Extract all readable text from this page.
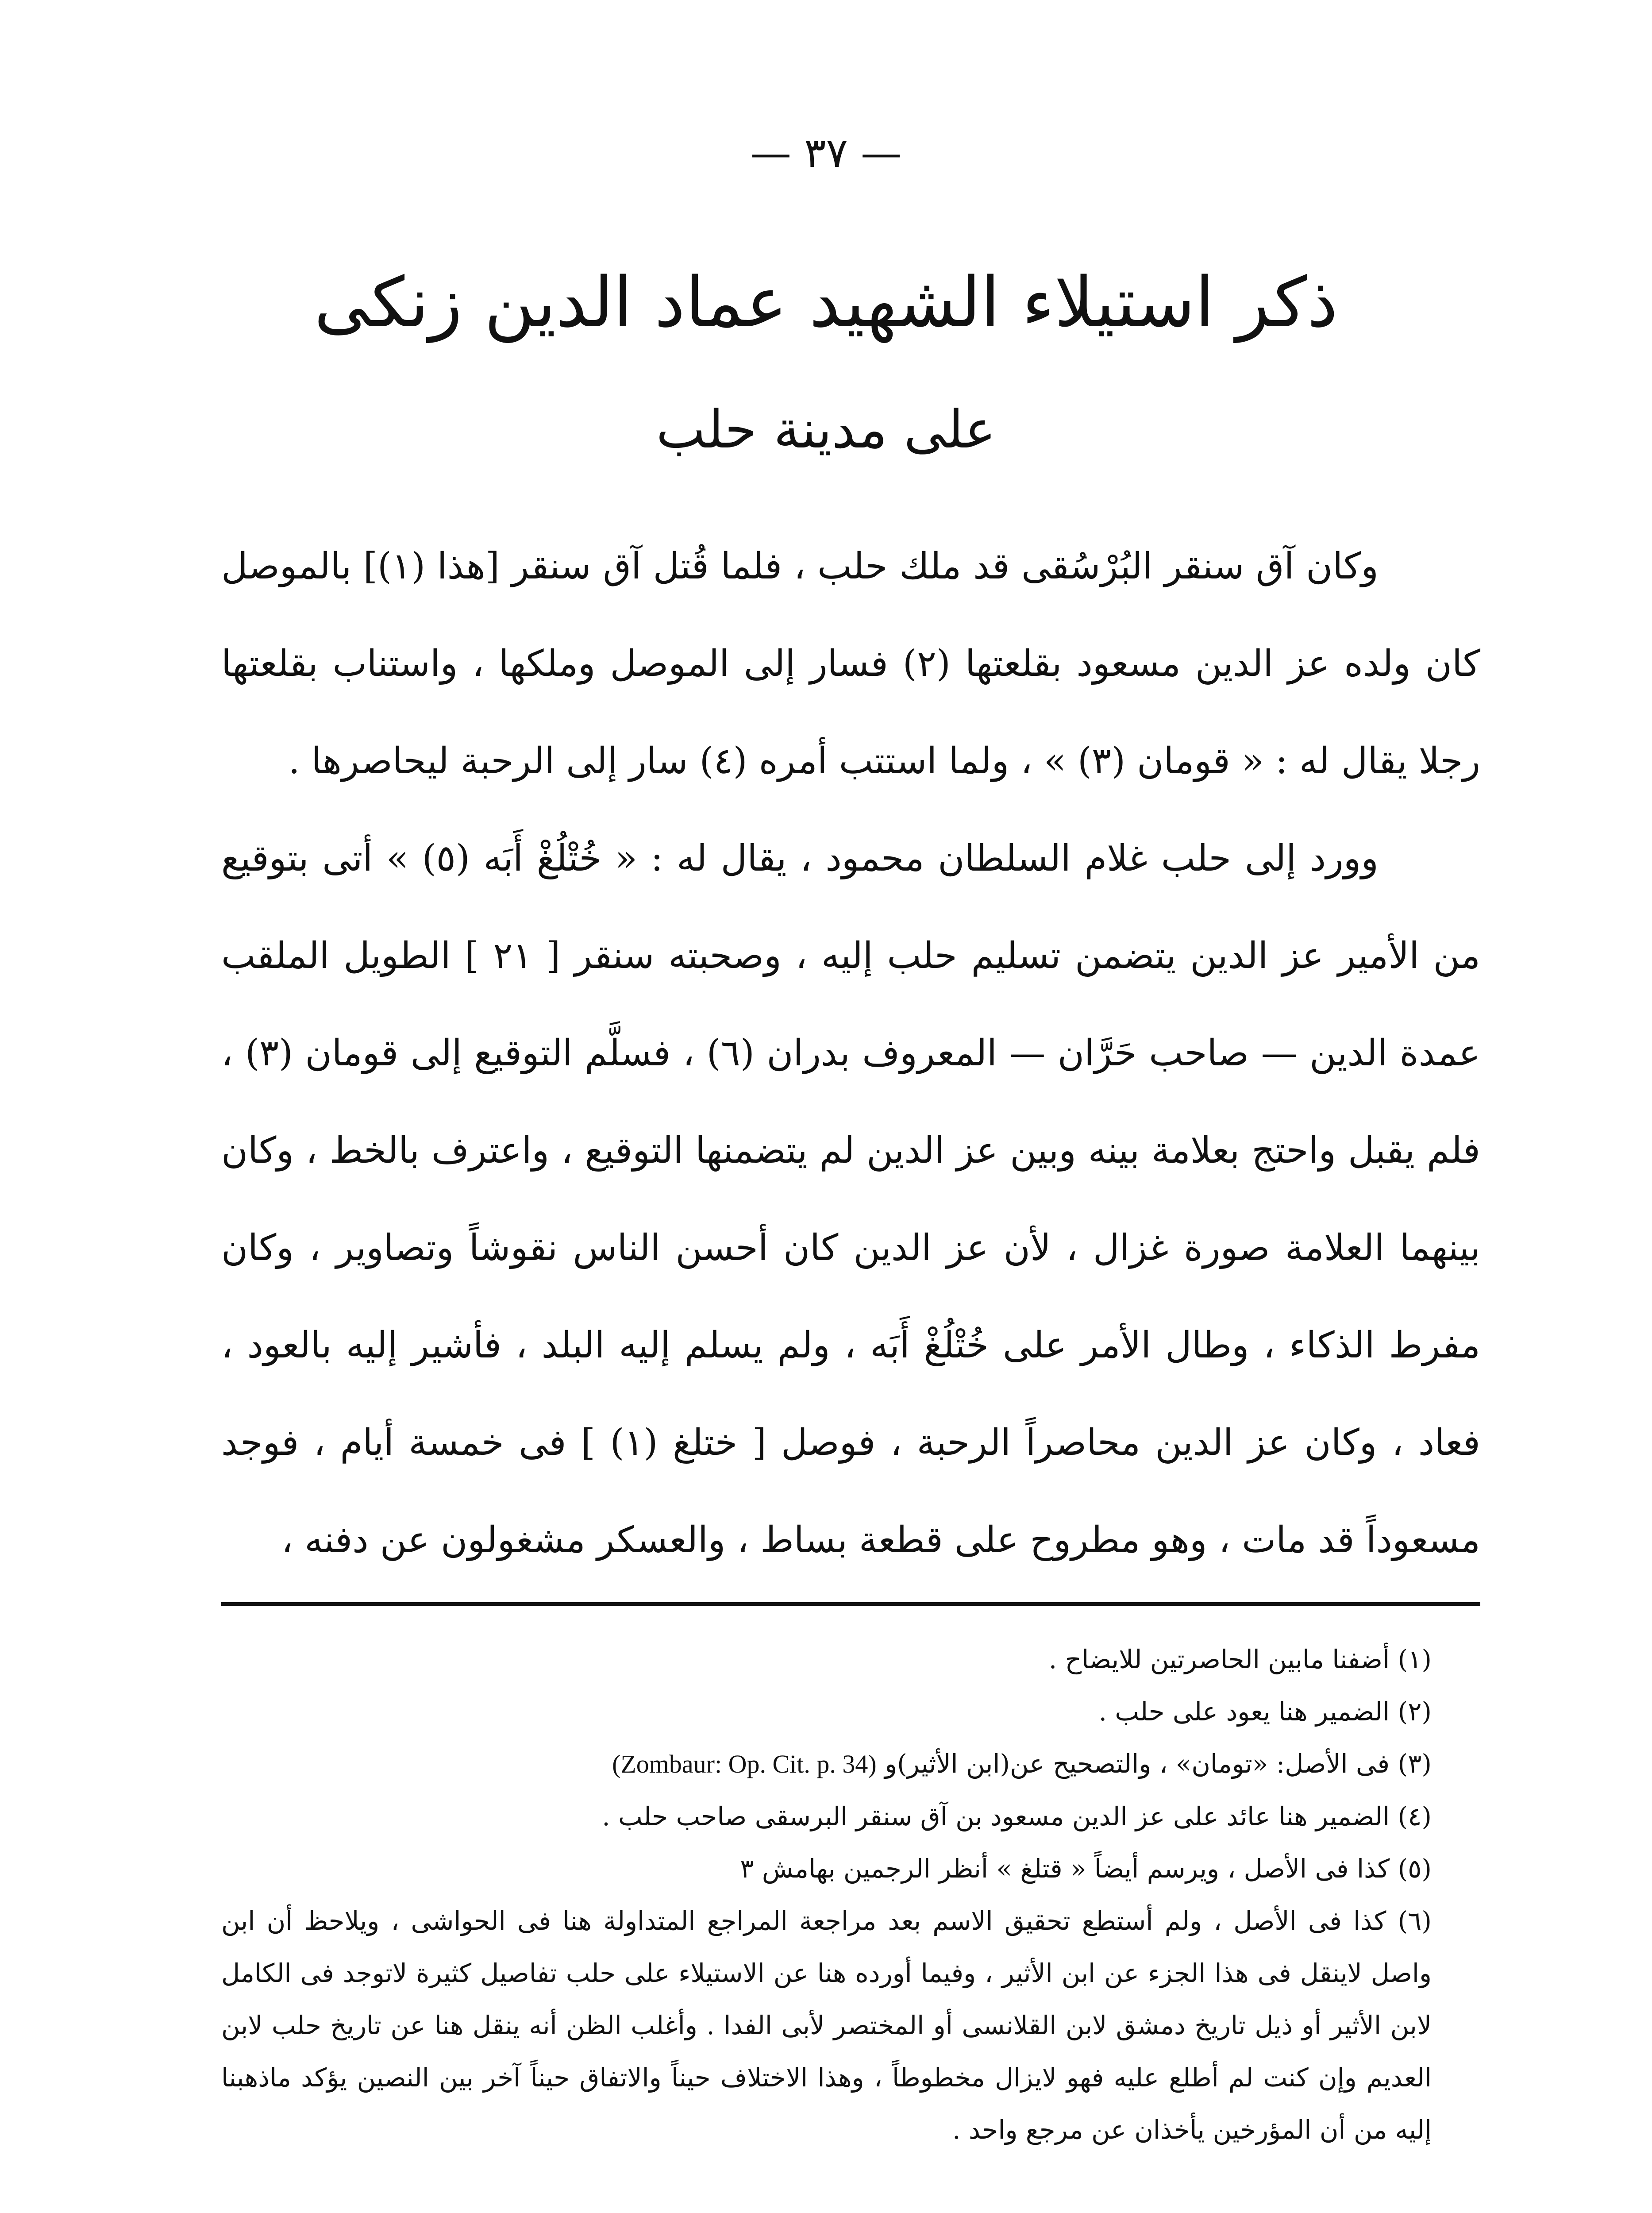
— ٣٧ —
ذكر استيلاء الشهيد عماد الدين زنكى
على مدينة حلب

وكان آق سنقر البُرْسُقى قد ملك حلب ، فلما قُتل آق سنقر [هذا (١)] بالموصل كان ولده عز الدين مسعود بقلعتها (٢) فسار إلى الموصل وملكها ، واستناب بقلعتها رجلا يقال له : « قومان (٣) » ، ولما استتب أمره (٤) سار إلى الرحبة ليحاصرها .

وورد إلى حلب غلام السلطان محمود ، يقال له : « خُتْلُغْ أَبَه (٥) » أتى بتوقيع من الأمير عز الدين يتضمن تسليم حلب إليه ، وصحبته سنقر [ ٢١ ] الطويل الملقب عمدة الدين — صاحب حَرَّان — المعروف بدران (٦) ، فسلَّم التوقيع إلى قومان (٣) ، فلم يقبل واحتج بعلامة بينه وبين عز الدين لم يتضمنها التوقيع ، واعترف بالخط ، وكان بينهما العلامة صورة غزال ، لأن عز الدين كان أحسن الناس نقوشاً وتصاوير ، وكان مفرط الذكاء ، وطال الأمر على خُتْلُغْ أَبَه ، ولم يسلم إليه البلد ، فأشير إليه بالعود ، فعاد ، وكان عز الدين محاصراً الرحبة ، فوصل [ ختلغ (١) ] فى خمسة أيام ، فوجد مسعوداً قد مات ، وهو مطروح على قطعة بساط ، والعسكر مشغولون عن دفنه ،

(١) أضفنا مابين الحاصرتين للايضاح .

(٢) الضمير هنا يعود على حلب .

(٣) فى الأصل: «تومان» ، والتصحيح عن(ابن الأثير)و (Zombaur: Op. Cit. p. 34)

(٤) الضمير هنا عائد على عز الدين مسعود بن آق سنقر البرسقى صاحب حلب .

(٥) كذا فى الأصل ، ويرسم أيضاً « قتلغ » أنظر الرجمين بهامش ٣

(٦) كذا فى الأصل ، ولم أستطع تحقيق الاسم بعد مراجعة المراجع المتداولة هنا فى الحواشى ، ويلاحظ أن ابن واصل لاينقل فى هذا الجزء عن ابن الأثير ، وفيما أورده هنا عن الاستيلاء على حلب تفاصيل كثيرة لاتوجد فى الكامل لابن الأثير أو ذيل تاريخ دمشق لابن القلانسى أو المختصر لأبى الفدا . وأغلب الظن أنه ينقل هنا عن تاريخ حلب لابن العديم وإن كنت لم أطلع عليه فهو لايزال مخطوطاً ، وهذا الاختلاف حيناً والاتفاق حيناً آخر بين النصين يؤكد ماذهبنا إليه من أن المؤرخين يأخذان عن مرجع واحد .
